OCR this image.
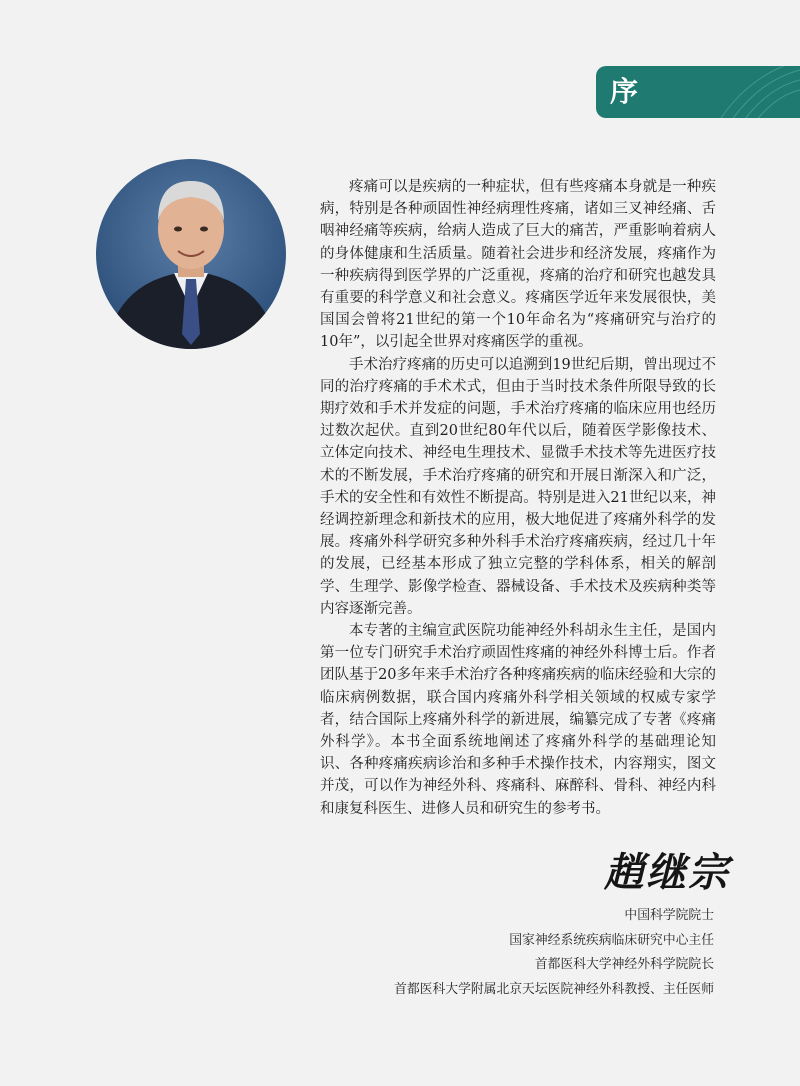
序

疼痛可以是疾病的一种症状，但有些疼痛本身就是一种疾病，特别是各种顽固性神经病理性疼痛，诸如三叉神经痛、舌咽神经痛等疾病，给病人造成了巨大的痛苦，严重影响着病人的身体健康和生活质量。随着社会进步和经济发展，疼痛作为一种疾病得到医学界的广泛重视，疼痛的治疗和研究也越发具有重要的科学意义和社会意义。疼痛医学近年来发展很快，美国国会曾将21世纪的第一个10年命名为“疼痛研究与治疗的10年”，以引起全世界对疼痛医学的重视。

手术治疗疼痛的历史可以追溯到19世纪后期，曾出现过不同的治疗疼痛的手术术式，但由于当时技术条件所限导致的长期疗效和手术并发症的问题，手术治疗疼痛的临床应用也经历过数次起伏。直到20世纪80年代以后，随着医学影像技术、立体定向技术、神经电生理技术、显微手术技术等先进医疗技术的不断发展，手术治疗疼痛的研究和开展日渐深入和广泛，手术的安全性和有效性不断提高。特别是进入21世纪以来，神经调控新理念和新技术的应用，极大地促进了疼痛外科学的发展。疼痛外科学研究多种外科手术治疗疼痛疾病，经过几十年的发展，已经基本形成了独立完整的学科体系，相关的解剖学、生理学、影像学检查、器械设备、手术技术及疾病种类等内容逐渐完善。

本专著的主编宣武医院功能神经外科胡永生主任，是国内第一位专门研究手术治疗顽固性疼痛的神经外科博士后。作者团队基于20多年来手术治疗各种疼痛疾病的临床经验和大宗的临床病例数据，联合国内疼痛外科学相关领域的权威专家学者，结合国际上疼痛外科学的新进展，编纂完成了专著《疼痛外科学》。本书全面系统地阐述了疼痛外科学的基础理论知识、各种疼痛疾病诊治和多种手术操作技术，内容翔实，图文并茂，可以作为神经外科、疼痛科、麻醉科、骨科、神经内科和康复科医生、进修人员和研究生的参考书。

趙继宗
中国科学院院士
国家神经系统疾病临床研究中心主任
首都医科大学神经外科学院院长
首都医科大学附属北京天坛医院神经外科教授、主任医师
